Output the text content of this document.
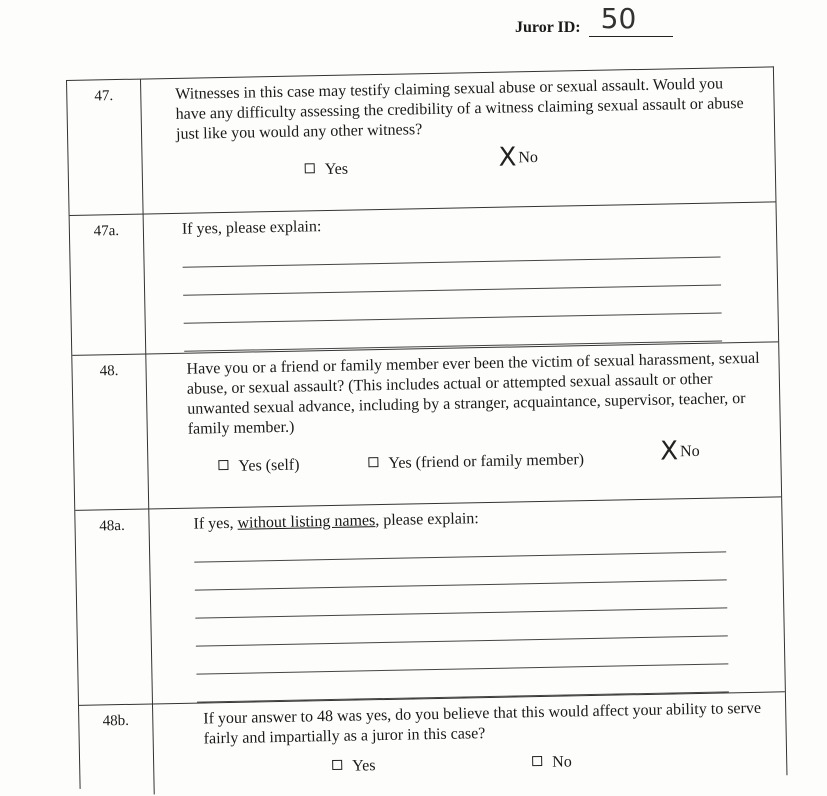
Juror ID: 50
47.	Witnesses in this case may testify claiming sexual abuse or sexual assault. Would you have any difficulty assessing the credibility of a witness claiming sexual assault or abuse just like you would any other witness?
Yes	XNo
47a.	If yes, please explain:
48.	Have you or a friend or family member ever been the victim of sexual harassment, sexual abuse, or sexual assault? (This includes actual or attempted sexual assault or other unwanted sexual advance, including by a stranger, acquaintance, supervisor, teacher, or family member.)
Yes (self)	Yes (friend or family member)	XNo
48a.	If yes, without listing names, please explain:
48b.	If your answer to 48 was yes, do you believe that this would affect your ability to serve fairly and impartially as a juror in this case?
Yes	No
